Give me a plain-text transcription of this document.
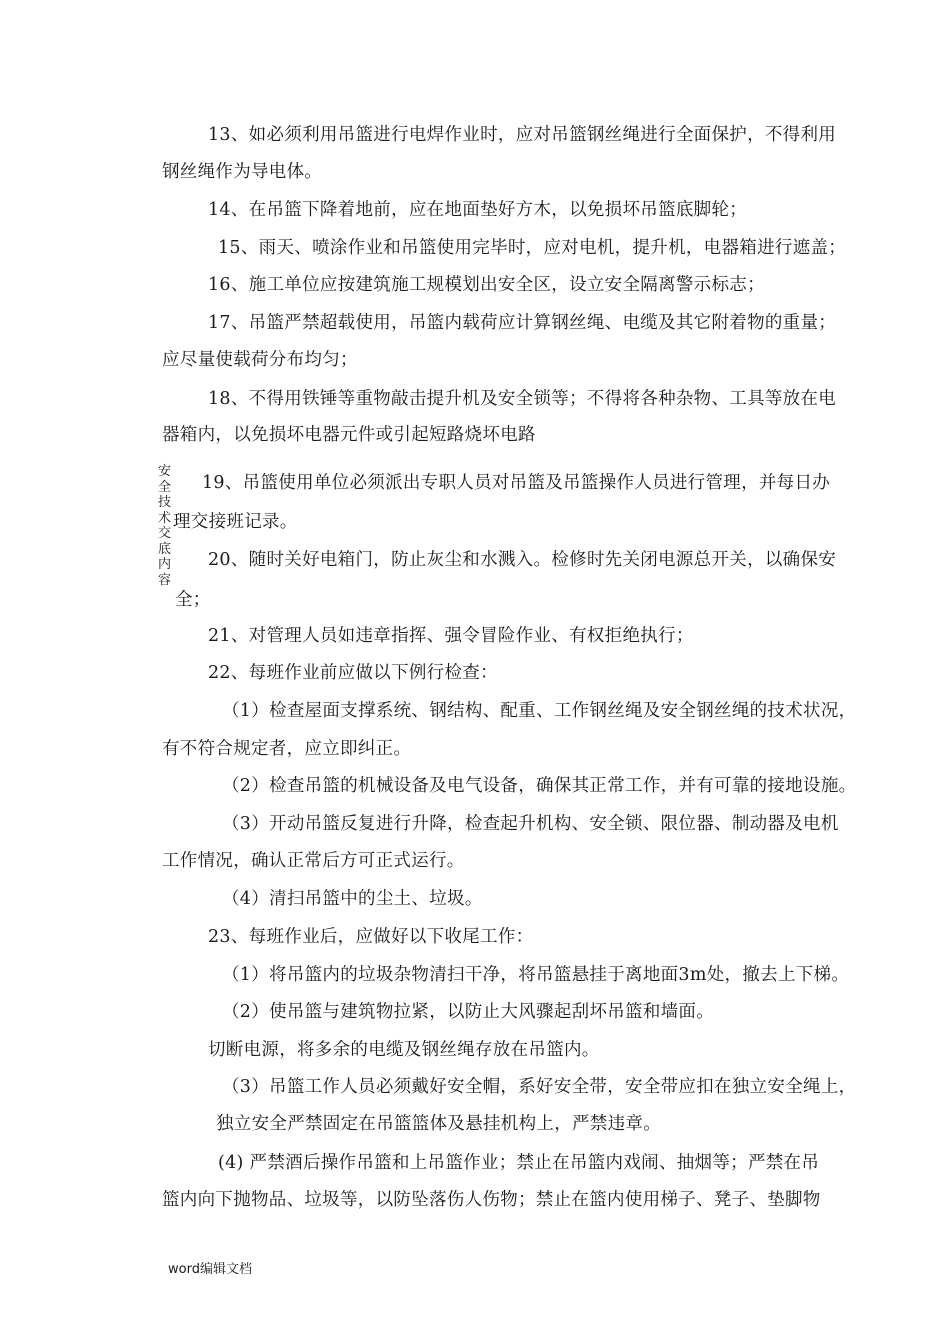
13、如必须利用吊篮进行电焊作业时，应对吊篮钢丝绳进行全面保护，不得利用
钢丝绳作为导电体。
14、在吊篮下降着地前，应在地面垫好方木，以免损坏吊篮底脚轮；
15、雨天、喷涂作业和吊篮使用完毕时，应对电机，提升机，电器箱进行遮盖；
16、施工单位应按建筑施工规模划出安全区，设立安全隔离警示标志；
17、吊篮严禁超载使用，吊篮内载荷应计算钢丝绳、电缆及其它附着物的重量；
应尽量使载荷分布均匀；
18、不得用铁锤等重物敲击提升机及安全锁等；不得将各种杂物、工具等放在电
器箱内，以免损坏电器元件或引起短路烧坏电路
安全技术交底内容
19、吊篮使用单位必须派出专职人员对吊篮及吊篮操作人员进行管理，并每日办
理交接班记录。
20、随时关好电箱门，防止灰尘和水溅入。检修时先关闭电源总开关，以确保安
全；
21、对管理人员如违章指挥、强令冒险作业、有权拒绝执行；
22、每班作业前应做以下例行检查：
（1）检查屋面支撑系统、钢结构、配重、工作钢丝绳及安全钢丝绳的技术状况，
有不符合规定者，应立即纠正。
（2）检查吊篮的机械设备及电气设备，确保其正常工作，并有可靠的接地设施。
（3）开动吊篮反复进行升降，检查起升机构、安全锁、限位器、制动器及电机
工作情况，确认正常后方可正式运行。
（4）清扫吊篮中的尘土、垃圾。
23、每班作业后，应做好以下收尾工作：
（1）将吊篮内的垃圾杂物清扫干净，将吊篮悬挂于离地面3m处，撤去上下梯。
（2）使吊篮与建筑物拉紧，以防止大风骤起刮坏吊篮和墙面。
切断电源，将多余的电缆及钢丝绳存放在吊篮内。
（3）吊篮工作人员必须戴好安全帽，系好安全带，安全带应扣在独立安全绳上，
独立安全严禁固定在吊篮篮体及悬挂机构上，严禁违章。
(4) 严禁酒后操作吊篮和上吊篮作业；禁止在吊篮内戏闹、抽烟等；严禁在吊
篮内向下抛物品、垃圾等，以防坠落伤人伤物；禁止在篮内使用梯子、凳子、垫脚物
word编辑文档
